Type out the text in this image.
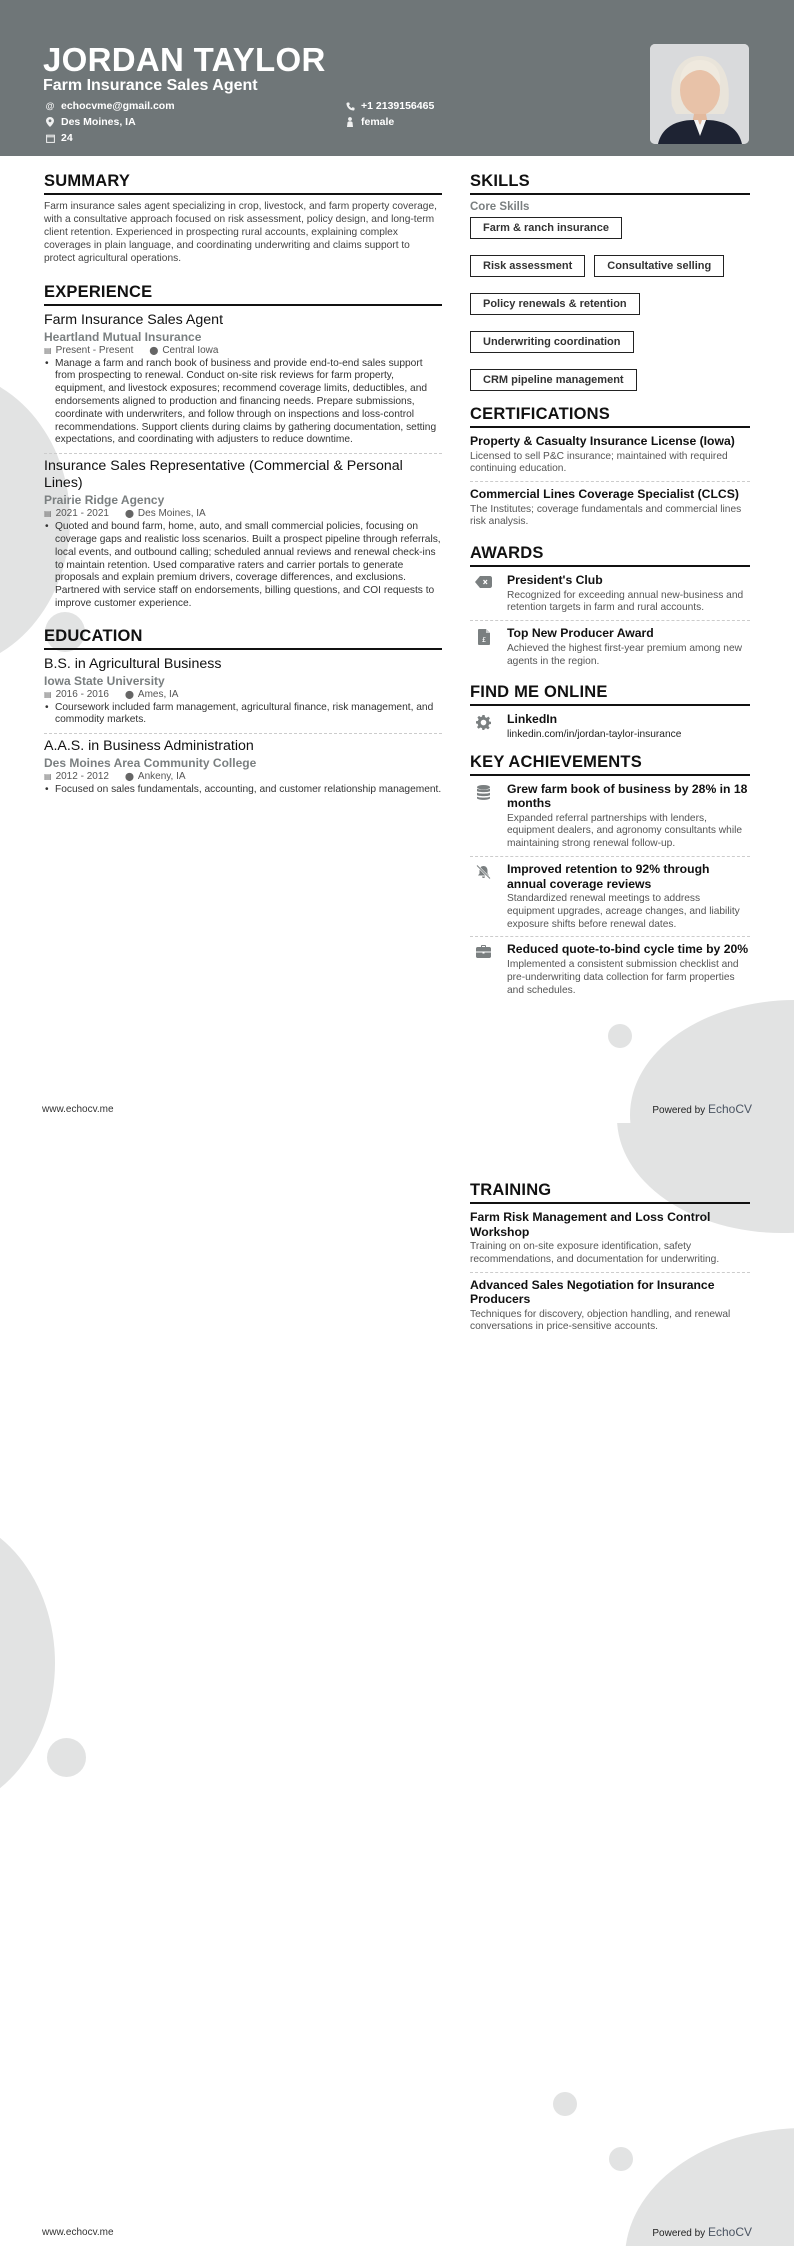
JORDAN TAYLOR
Farm Insurance Sales Agent
@ echocvme@gmail.com	+1 2139156465
Des Moines, IA	female
24
SUMMARY

Farm insurance sales agent specializing in crop, livestock, and farm property coverage, with a consultative approach focused on risk assessment, policy design, and long-term client retention. Experienced in prospecting rural accounts, explaining complex coverages in plain language, and coordinating underwriting and claims support to protect agricultural operations.

EXPERIENCE
Farm Insurance Sales Agent
Heartland Mutual Insurance
▤ Present - Present ⬤ Central Iowa
• Manage a farm and ranch book of business and provide end-to-end sales support from prospecting to renewal. Conduct on-site risk reviews for farm property, equipment, and livestock exposures; recommend coverage limits, deductibles, and endorsements aligned to production and financing needs. Prepare submissions, coordinate with underwriters, and follow through on inspections and loss-control recommendations. Support clients during claims by gathering documentation, setting expectations, and coordinating with adjusters to reduce downtime.
Insurance Sales Representative (Commercial & Personal Lines)
Prairie Ridge Agency
▤ 2021 - 2021 ⬤ Des Moines, IA
• Quoted and bound farm, home, auto, and small commercial policies, focusing on coverage gaps and realistic loss scenarios. Built a prospect pipeline through referrals, local events, and outbound calling; scheduled annual reviews and renewal check-ins to maintain retention. Used comparative raters and carrier portals to generate proposals and explain premium drivers, coverage differences, and exclusions. Partnered with service staff on endorsements, billing questions, and COI requests to improve customer experience.
EDUCATION
B.S. in Agricultural Business
Iowa State University
▤ 2016 - 2016 ⬤ Ames, IA
• Coursework included farm management, agricultural finance, risk management, and commodity markets.
A.A.S. in Business Administration
Des Moines Area Community College
▤ 2012 - 2012 ⬤ Ankeny, IA
• Focused on sales fundamentals, accounting, and customer relationship management.
SKILLS
Core Skills
Farm & ranch insurance
Risk assessment	Consultative selling
Policy renewals & retention
Underwriting coordination
CRM pipeline management
CERTIFICATIONS
Property & Casualty Insurance License (Iowa)
Licensed to sell P&C insurance; maintained with required continuing education.
Commercial Lines Coverage Specialist (CLCS)
The Institutes; coverage fundamentals and commercial lines risk analysis.
AWARDS
President's Club
Recognized for exceeding annual new-business and retention targets in farm and rural accounts.
£ Top New Producer Award
Achieved the highest first-year premium among new agents in the region.
FIND ME ONLINE
LinkedIn
linkedin.com/in/jordan-taylor-insurance
KEY ACHIEVEMENTS
Grew farm book of business by 28% in 18 months
Expanded referral partnerships with lenders, equipment dealers, and agronomy consultants while maintaining strong renewal follow-up.
Improved retention to 92% through annual coverage reviews
Standardized renewal meetings to address equipment upgrades, acreage changes, and liability exposure shifts before renewal dates.
Reduced quote-to-bind cycle time by 20%
Implemented a consistent submission checklist and pre-underwriting data collection for farm properties and schedules.
www.echocv.me	Powered by EchoCV
TRAINING
Farm Risk Management and Loss Control Workshop
Training on on-site exposure identification, safety recommendations, and documentation for underwriting.
Advanced Sales Negotiation for Insurance Producers
Techniques for discovery, objection handling, and renewal conversations in price-sensitive accounts.
www.echocv.me	Powered by EchoCV
